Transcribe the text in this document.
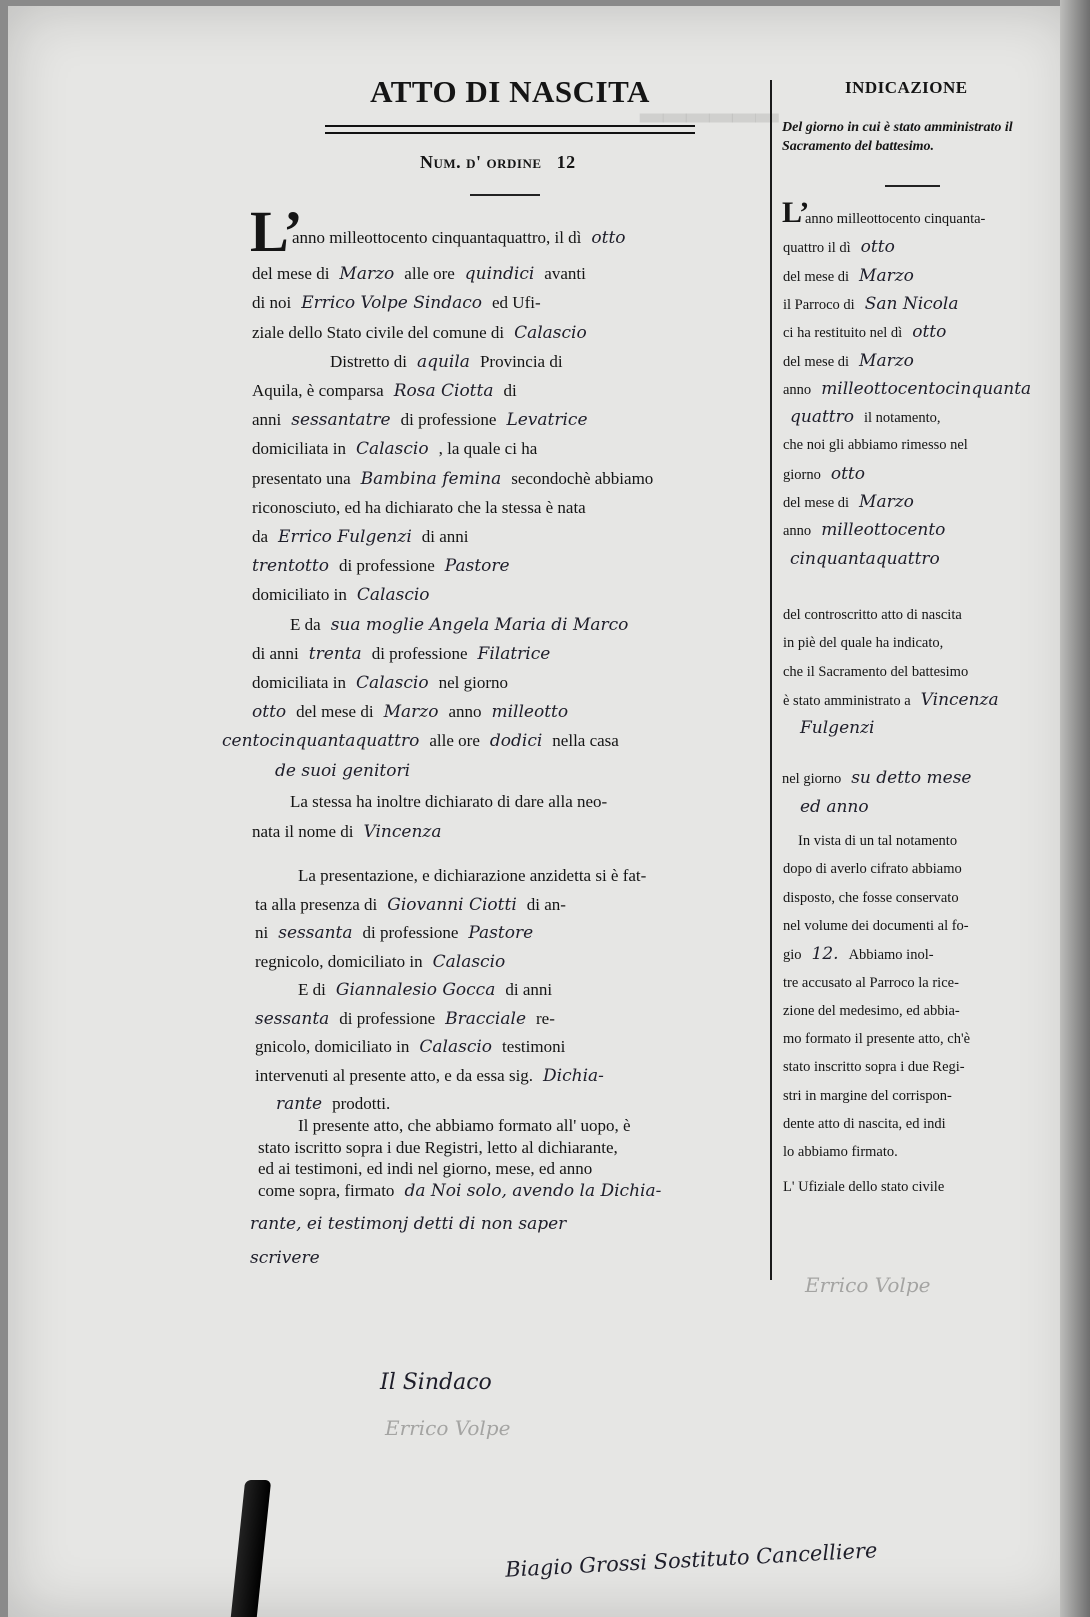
ATTO DI NASCITA
Num. d' ordine 12
L’
anno milleottocento cinquantaquattro, il dì otto
del mese di Marzo alle ore quindici avanti
di noi Errico Volpe Sindaco ed Ufi-
ziale dello Stato civile del comune di Calascio
Distretto di aquila Provincia di
Aquila, è comparsa Rosa Ciotta di
anni sessantatre di professione Levatrice
domiciliata in Calascio , la quale ci ha
presentato una Bambina femina secondochè abbiamo
riconosciuto, ed ha dichiarato che la stessa è nata
da Errico Fulgenzi di anni
trentotto di professione Pastore
domiciliato in Calascio
E da sua moglie Angela Maria di Marco
di anni trenta di professione Filatrice
domiciliata in Calascio nel giorno
otto del mese di Marzo anno milleotto
centocinquantaquattro alle ore dodici nella casa
de suoi genitori
La stessa ha inoltre dichiarato di dare alla neo-
nata il nome di Vincenza
La presentazione, e dichiarazione anzidetta si è fat-
ta alla presenza di Giovanni Ciotti di an-
ni sessanta di professione Pastore
regnicolo, domiciliato in Calascio
E di Giannalesio Gocca di anni
sessanta di professione Bracciale re-
gnicolo, domiciliato in Calascio testimoni
intervenuti al presente atto, e da essa sig. Dichia-
rante prodotti.
Il presente atto, che abbiamo formato all' uopo, è
stato iscritto sopra i due Registri, letto al dichiarante,
ed ai testimoni, ed indi nel giorno, mese, ed anno
come sopra, firmato da Noi solo, avendo la Dichia-
rante, ei testimonj detti di non saper
scrivere
Il Sindaco
Errico Volpe
Biagio Grossi Sostituto Cancelliere
INDICAZIONE
Del giorno in cui è stato amministrato il Sacramento del battesimo.
L’
anno milleottocento cinquanta-
quattro il dì otto
del mese di Marzo
il Parroco di San Nicola
ci ha restituito nel dì otto
del mese di Marzo
anno milleottocentocinquanta
quattro il notamento,
che noi gli abbiamo rimesso nel
giorno otto
del mese di Marzo
anno milleottocento
cinquantaquattro
del controscritto atto di nascita
in piè del quale ha indicato,
che il Sacramento del battesimo
è stato amministrato a Vincenza
Fulgenzi
nel giorno su detto mese
ed anno
In vista di un tal notamento
dopo di averlo cifrato abbiamo
disposto, che fosse conservato
nel volume dei documenti al fo-
gio 12. Abbiamo inol-
tre accusato al Parroco la rice-
zione del medesimo, ed abbia-
mo formato il presente atto, ch'è
stato inscritto sopra i due Regi-
stri in margine del corrispon-
dente atto di nascita, ed indi
lo abbiamo firmato.
L' Ufiziale dello stato civile
Errico Volpe
